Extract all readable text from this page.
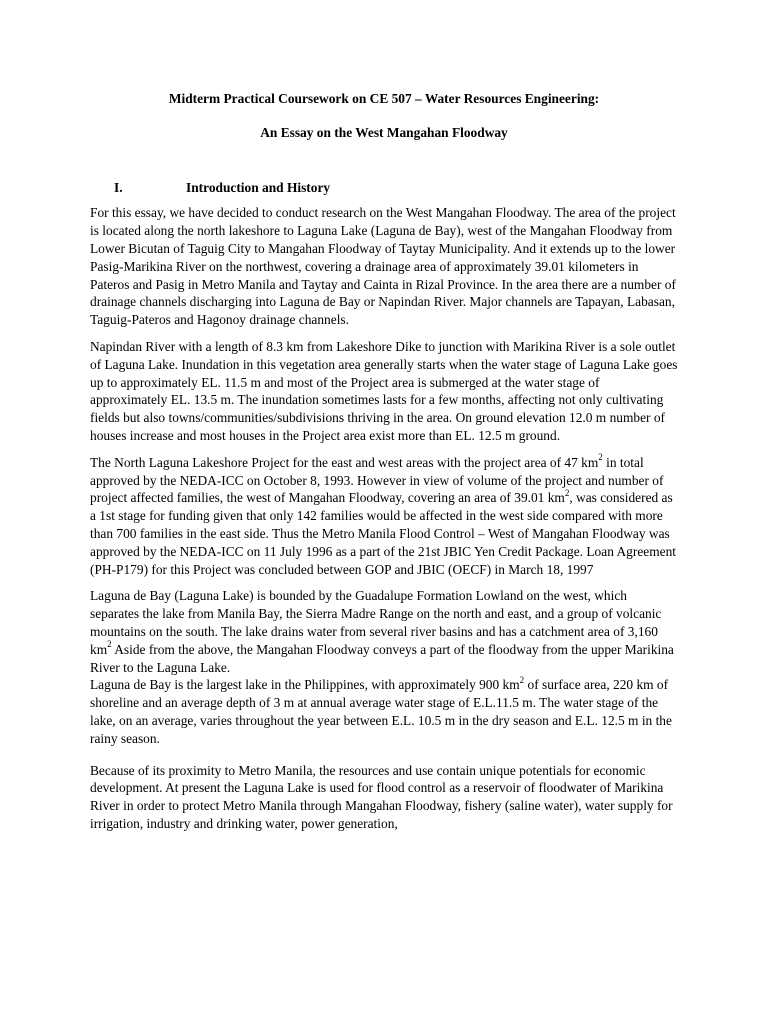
Midterm Practical Coursework on CE 507 – Water Resources Engineering:

An Essay on the West Mangahan Floodway

I.	Introduction and History

For this essay, we have decided to conduct research on the West Mangahan Floodway. The area of the project is located along the north lakeshore to Laguna Lake (Laguna de Bay), west of the Mangahan Floodway from Lower Bicutan of Taguig City to Mangahan Floodway of Taytay Municipality. And it extends up to the lower Pasig-Marikina River on the northwest, covering a drainage area of approximately 39.01 kilometers in Pateros and Pasig in Metro Manila and Taytay and Cainta in Rizal Province. In the area there are a number of drainage channels discharging into Laguna de Bay or Napindan River. Major channels are Tapayan, Labasan, Taguig-Pateros and Hagonoy drainage channels.

Napindan River with a length of 8.3 km from Lakeshore Dike to junction with Marikina River is a sole outlet of Laguna Lake. Inundation in this vegetation area generally starts when the water stage of Laguna Lake goes up to approximately EL. 11.5 m and most of the Project area is submerged at the water stage of approximately EL. 13.5 m. The inundation sometimes lasts for a few months, affecting not only cultivating fields but also towns/communities/subdivisions thriving in the area. On ground elevation 12.0 m number of houses increase and most houses in the Project area exist more than EL. 12.5 m ground.

The North Laguna Lakeshore Project for the east and west areas with the project area of 47 $km^2$ in total approved by the NEDA-ICC on October 8, 1993. However in view of volume of the project and number of project affected families, the west of Mangahan Floodway, covering an area of 39.01 $km^2$, was considered as a 1st stage for funding given that only 142 families would be affected in the west side compared with more than 700 families in the east side. Thus the Metro Manila Flood Control – West of Mangahan Floodway was approved by the NEDA-ICC on 11 July 1996 as a part of the 21st JBIC Yen Credit Package. Loan Agreement (PH-P179) for this Project was concluded between GOP and JBIC (OECF) in March 18, 1997

Laguna de Bay (Laguna Lake) is bounded by the Guadalupe Formation Lowland on the west, which separates the lake from Manila Bay, the Sierra Madre Range on the north and east, and a group of volcanic mountains on the south. The lake drains water from several river basins and has a catchment area of 3,160 $km^2$ Aside from the above, the Mangahan Floodway conveys a part of the floodway from the upper Marikina River to the Laguna Lake.

Laguna de Bay is the largest lake in the Philippines, with approximately 900 $km^2$ of surface area, 220 km of shoreline and an average depth of 3 m at annual average water stage of E.L.11.5 m. The water stage of the lake, on an average, varies throughout the year between E.L. 10.5 m in the dry season and E.L. 12.5 m in the rainy season.

Because of its proximity to Metro Manila, the resources and use contain unique potentials for economic development. At present the Laguna Lake is used for flood control as a reservoir of floodwater of Marikina River in order to protect Metro Manila through Mangahan Floodway, fishery (saline water), water supply for irrigation, industry and drinking water, power generation,
